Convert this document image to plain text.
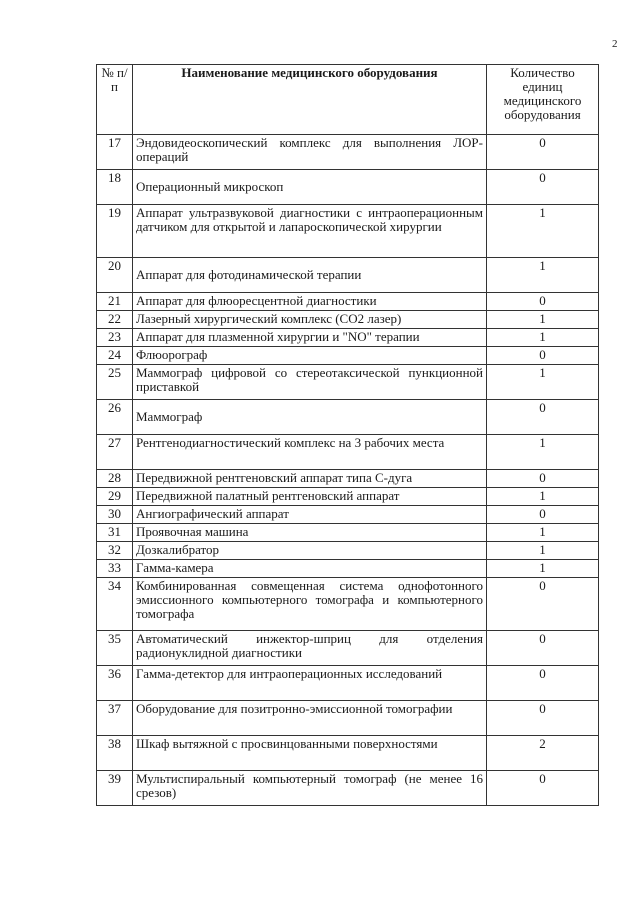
2
№ п/п	Наименование медицинского оборудования	Количество единиц медицинского оборудования
17	Эндовидеоскопический комплекс для выполнения ЛОР- операций	0
18	Операционный микроскоп	0
19	Аппарат ультразвуковой диагностики с интраоперационным датчиком для открытой и лапароскопической хирургии	1
20	Аппарат для фотодинамической терапии	1
21	Аппарат для флюоресцентной диагностики	0
22	Лазерный хирургический комплекс (CO2 лазер)	1
23	Аппарат для плазменной хирургии и "NO" терапии	1
24	Флюорограф	0
25	Маммограф цифровой со стереотаксической пункционной приставкой	1
26	Маммограф	0
27	Рентгенодиагностический комплекс на 3 рабочих места	1
28	Передвижной рентгеновский аппарат типа С-дуга	0
29	Передвижной палатный рентгеновский аппарат	1
30	Ангиографический аппарат	0
31	Проявочная машина	1
32	Дозкалибратор	1
33	Гамма-камера	1
34	Комбинированная совмещенная система однофотонного эмиссионного компьютерного томографа и компьютерного томографа	0
35	Автоматический инжектор-шприц для отделения радионуклидной диагностики	0
36	Гамма-детектор для интраоперационных исследований	0
37	Оборудование для позитронно-эмиссионной томографии	0
38	Шкаф вытяжной с просвинцованными поверхностями	2
39	Мультиспиральный компьютерный томограф (не менее 16 срезов)	0
